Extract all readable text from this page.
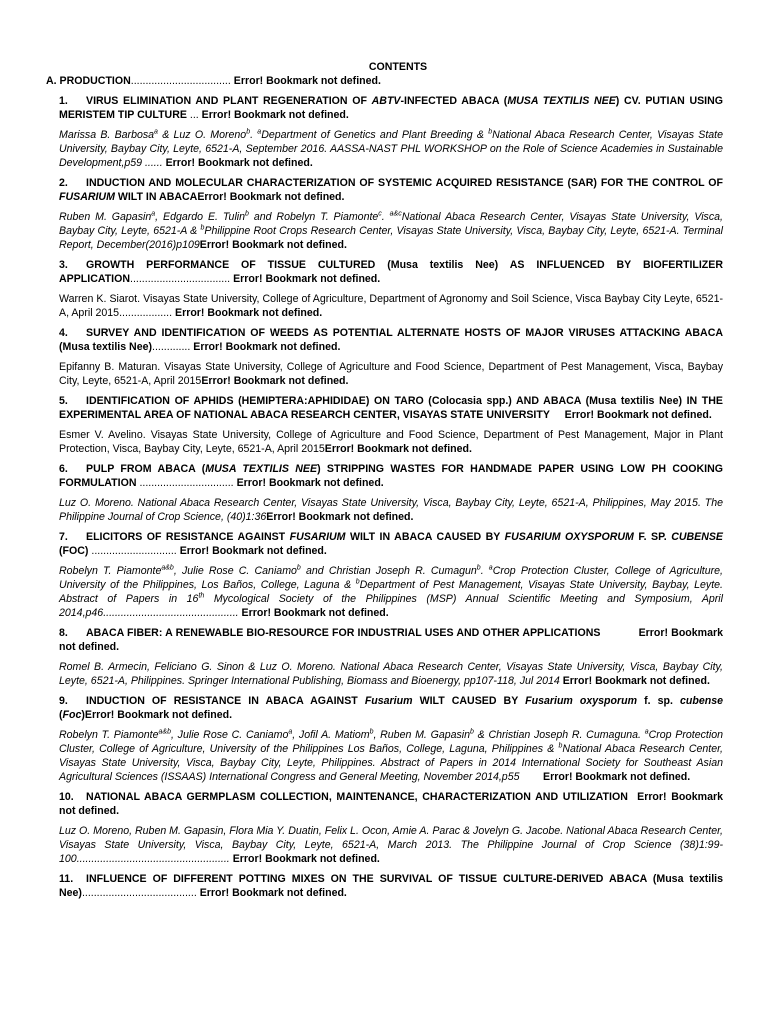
CONTENTS

A. PRODUCTION.................................. Error! Bookmark not defined.
1. VIRUS ELIMINATION AND PLANT REGENERATION OF ABTV-INFECTED ABACA (MUSA TEXTILIS NEE) CV. PUTIAN USING MERISTEM TIP CULTURE ... Error! Bookmark not defined.
Marissa B. Barbosa$^a$ & Luz O. Moreno$^b$. $^a$Department of Genetics and Plant Breeding & $^b$National Abaca Research Center, Visayas State University, Baybay City, Leyte, 6521-A, September 2016. AASSA-NAST PHL WORKSHOP on the Role of Science Academies in Sustainable Development,p59 ...... Error! Bookmark not defined.
2. INDUCTION AND MOLECULAR CHARACTERIZATION OF SYSTEMIC ACQUIRED RESISTANCE (SAR) FOR THE CONTROL OF FUSARIUM WILT IN ABACAError! Bookmark not defined.
Ruben M. Gapasin$^a$, Edgardo E. Tulin$^b$ and Robelyn T. Piamonte$^c$. $^{a\&c}$National Abaca Research Center, Visayas State University, Visca, Baybay City, Leyte, 6521-A & $^b$Philippine Root Crops Research Center, Visayas State University, Visca, Baybay City, Leyte, 6521-A. Terminal Report, December(2016)p109Error! Bookmark not defined.
3. GROWTH PERFORMANCE OF TISSUE CULTURED (Musa textilis Nee) AS INFLUENCED BY BIOFERTILIZER APPLICATION.................................. Error! Bookmark not defined.
Warren K. Siarot. Visayas State University, College of Agriculture, Department of Agronomy and Soil Science, Visca Baybay City Leyte, 6521-A, April 2015.................. Error! Bookmark not defined.
4. SURVEY AND IDENTIFICATION OF WEEDS AS POTENTIAL ALTERNATE HOSTS OF MAJOR VIRUSES ATTACKING ABACA (Musa textilis Nee)............. Error! Bookmark not defined.
Epifanny B. Maturan. Visayas State University, College of Agriculture and Food Science, Department of Pest Management, Visca, Baybay City, Leyte, 6521-A, April 2015Error! Bookmark not defined.
5. IDENTIFICATION OF APHIDS (HEMIPTERA:APHIDIDAE) ON TARO (Colocasia spp.) AND ABACA (Musa textilis Nee) IN THE EXPERIMENTAL AREA OF NATIONAL ABACA RESEARCH CENTER, VISAYAS STATE UNIVERSITY Error! Bookmark not defined.
Esmer V. Avelino. Visayas State University, College of Agriculture and Food Science, Department of Pest Management, Major in Plant Protection, Visca, Baybay City, Leyte, 6521-A, April 2015Error! Bookmark not defined.
6. PULP FROM ABACA (MUSA TEXTILIS NEE) STRIPPING WASTES FOR HANDMADE PAPER USING LOW PH COOKING FORMULATION ................................ Error! Bookmark not defined.
Luz O. Moreno. National Abaca Research Center, Visayas State University, Visca, Baybay City, Leyte, 6521-A, Philippines, May 2015. The Philippine Journal of Crop Science, (40)1:36Error! Bookmark not defined.
7. ELICITORS OF RESISTANCE AGAINST FUSARIUM WILT IN ABACA CAUSED BY FUSARIUM OXYSPORUM F. SP. CUBENSE (FOC) ............................. Error! Bookmark not defined.
Robelyn T. Piamonte$^{a\&b}$, Julie Rose C. Caniamo$^b$ and Christian Joseph R. Cumagun$^b$. $^a$Crop Protection Cluster, College of Agriculture, University of the Philippines, Los Baños, College, Laguna & $^b$Department of Pest Management, Visayas State University, Baybay, Leyte. Abstract of Papers in 16th Mycological Society of the Philippines (MSP) Annual Scientific Meeting and Symposium, April 2014,p46.............................................. Error! Bookmark not defined.
8. ABACA FIBER: A RENEWABLE BIO-RESOURCE FOR INDUSTRIAL USES AND OTHER APPLICATIONS	Error! Bookmark not defined.
Romel B. Armecin, Feliciano G. Sinon & Luz O. Moreno. National Abaca Research Center, Visayas State University, Visca, Baybay City, Leyte, 6521-A, Philippines. Springer International Publishing, Biomass and Bioenergy, pp107-118, Jul 2014 Error! Bookmark not defined.
9. INDUCTION OF RESISTANCE IN ABACA AGAINST Fusarium WILT CAUSED BY Fusarium oxysporum f. sp. cubense (Foc)Error! Bookmark not defined.
Robelyn T. Piamonte$^{a\&b}$, Julie Rose C. Caniamo$^a$, Jofil A. Matiom$^b$, Ruben M. Gapasin$^b$ & Christian Joseph R. Cumaguna. $^a$Crop Protection Cluster, College of Agriculture, University of the Philippines Los Baños, College, Laguna, Philippines & $^b$National Abaca Research Center, Visayas State University, Visca, Baybay City, Leyte, Philippines. Abstract of Papers in 2014 International Society for Southeast Asian Agricultural Sciences (ISSAAS) International Congress and General Meeting, November 2014,p55 Error! Bookmark not defined.
10. NATIONAL ABACA GERMPLASM COLLECTION, MAINTENANCE, CHARACTERIZATION AND UTILIZATION Error! Bookmark not defined.
Luz O. Moreno, Ruben M. Gapasin, Flora Mia Y. Duatin, Felix L. Ocon, Amie A. Parac & Jovelyn G. Jacobe. National Abaca Research Center, Visayas State University, Visca, Baybay City, Leyte, 6521-A, March 2013. The Philippine Journal of Crop Science (38)1:99-100.................................................... Error! Bookmark not defined.
11. INFLUENCE OF DIFFERENT POTTING MIXES ON THE SURVIVAL OF TISSUE CULTURE-DERIVED ABACA (Musa textilis Nee)....................................... Error! Bookmark not defined.
